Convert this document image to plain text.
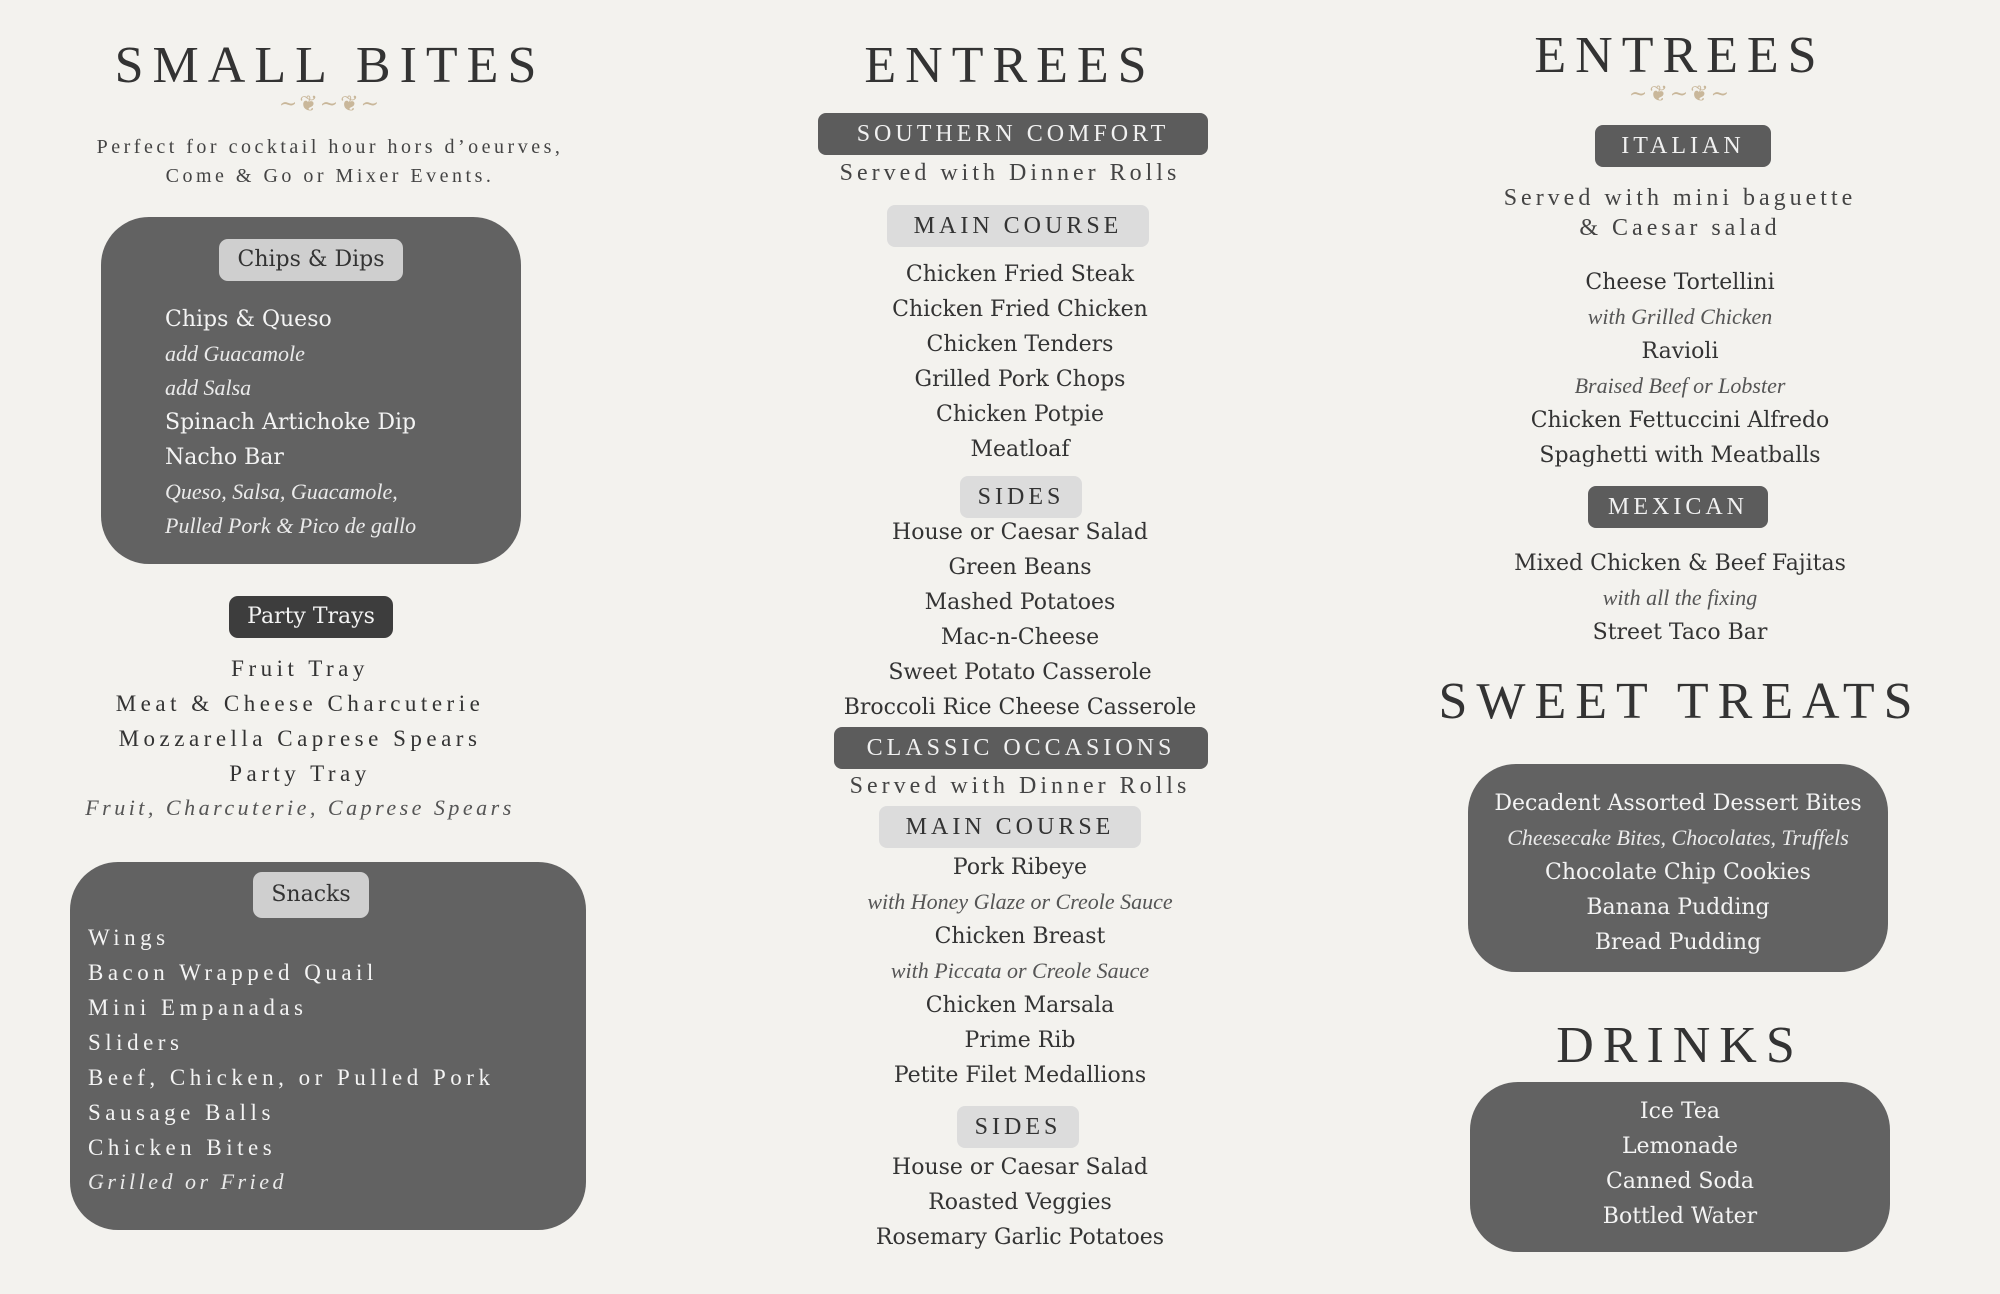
SMALL BITES
~❦~❦~
Perfect for cocktail hour hors d’oeurves,
Come & Go or Mixer Events.
Chips & Dips
Chips & Queso
add Guacamole
add Salsa
Spinach Artichoke Dip
Nacho Bar
Queso, Salsa, Guacamole,
Pulled Pork & Pico de gallo
Party Trays
Fruit Tray
Meat & Cheese Charcuterie
Mozzarella Caprese Spears
Party Tray
Fruit, Charcuterie, Caprese Spears
Snacks
Wings
Bacon Wrapped Quail
Mini Empanadas
Sliders
Beef, Chicken, or Pulled Pork
Sausage Balls
Chicken Bites
Grilled or Fried
ENTREES
SOUTHERN COMFORT
Served with Dinner Rolls
MAIN COURSE
Chicken Fried Steak
Chicken Fried Chicken
Chicken Tenders
Grilled Pork Chops
Chicken Potpie
Meatloaf
SIDES
House or Caesar Salad
Green Beans
Mashed Potatoes
Mac-n-Cheese
Sweet Potato Casserole
Broccoli Rice Cheese Casserole
CLASSIC OCCASIONS
Served with Dinner Rolls
MAIN COURSE
Pork Ribeye
with Honey Glaze or Creole Sauce
Chicken Breast
with Piccata or Creole Sauce
Chicken Marsala
Prime Rib
Petite Filet Medallions
SIDES
House or Caesar Salad
Roasted Veggies
Rosemary Garlic Potatoes
ENTREES
~❦~❦~
ITALIAN
Served with mini baguette
& Caesar salad
Cheese Tortellini
with Grilled Chicken
Ravioli
Braised Beef or Lobster
Chicken Fettuccini Alfredo
Spaghetti with Meatballs
MEXICAN
Mixed Chicken & Beef Fajitas
with all the fixing
Street Taco Bar
SWEET TREATS
Decadent Assorted Dessert Bites
Cheesecake Bites, Chocolates, Truffels
Chocolate Chip Cookies
Banana Pudding
Bread Pudding
DRINKS
Ice Tea
Lemonade
Canned Soda
Bottled Water
